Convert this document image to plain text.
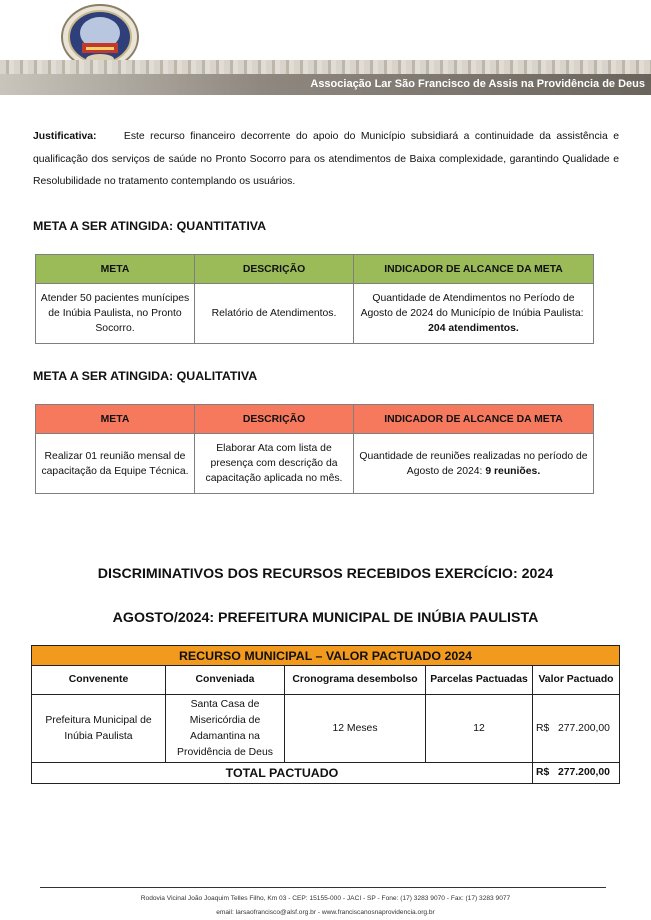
Associação Lar São Francisco de Assis na Providência de Deus
Justificativa:	Este recurso financeiro decorrente do apoio do Município subsidiará a continuidade da assistência e qualificação dos serviços de saúde no Pronto Socorro para os atendimentos de Baixa complexidade, garantindo Qualidade e Resolubilidade no tratamento contemplando os usuários.
META A SER ATINGIDA: QUANTITATIVA
META	DESCRIÇÃO	INDICADOR DE ALCANCE DA META
Atender 50 pacientes munícipes de Inúbia Paulista, no Pronto Socorro.	Relatório de Atendimentos.	Quantidade de Atendimentos no Período de Agosto de 2024 do Município de Inúbia Paulista:  204 atendimentos.
META A SER ATINGIDA: QUALITATIVA
META	DESCRIÇÃO	INDICADOR DE ALCANCE DA META
Realizar 01 reunião mensal de capacitação da Equipe Técnica.	Elaborar Ata com lista de presença com descrição da capacitação aplicada no mês.	Quantidade de reuniões realizadas no período de Agosto de 2024: 9 reuniões.
DISCRIMINATIVOS DOS RECURSOS RECEBIDOS EXERCÍCIO: 2024
AGOSTO/2024: PREFEITURA MUNICIPAL DE INÚBIA PAULISTA
RECURSO MUNICIPAL – VALOR PACTUADO 2024				
Convenente	Conveniada	Cronograma desembolso	Parcelas Pactuadas	Valor Pactuado
Prefeitura Municipal de Inúbia Paulista	Santa Casa de Misericórdia de Adamantina na Providência de Deus	12 Meses	12	R$   277.200,00
TOTAL PACTUADO				R$   277.200,00
Rodovia Vicinal João Joaquim Telles Filho, Km 03 - CEP: 15155-000 - JACI - SP - Fone: (17) 3283 9070 - Fax: (17) 3283 9077
email: larsaofrancisco@alsf.org.br - www.franciscanosnaprovidencia.org.br
